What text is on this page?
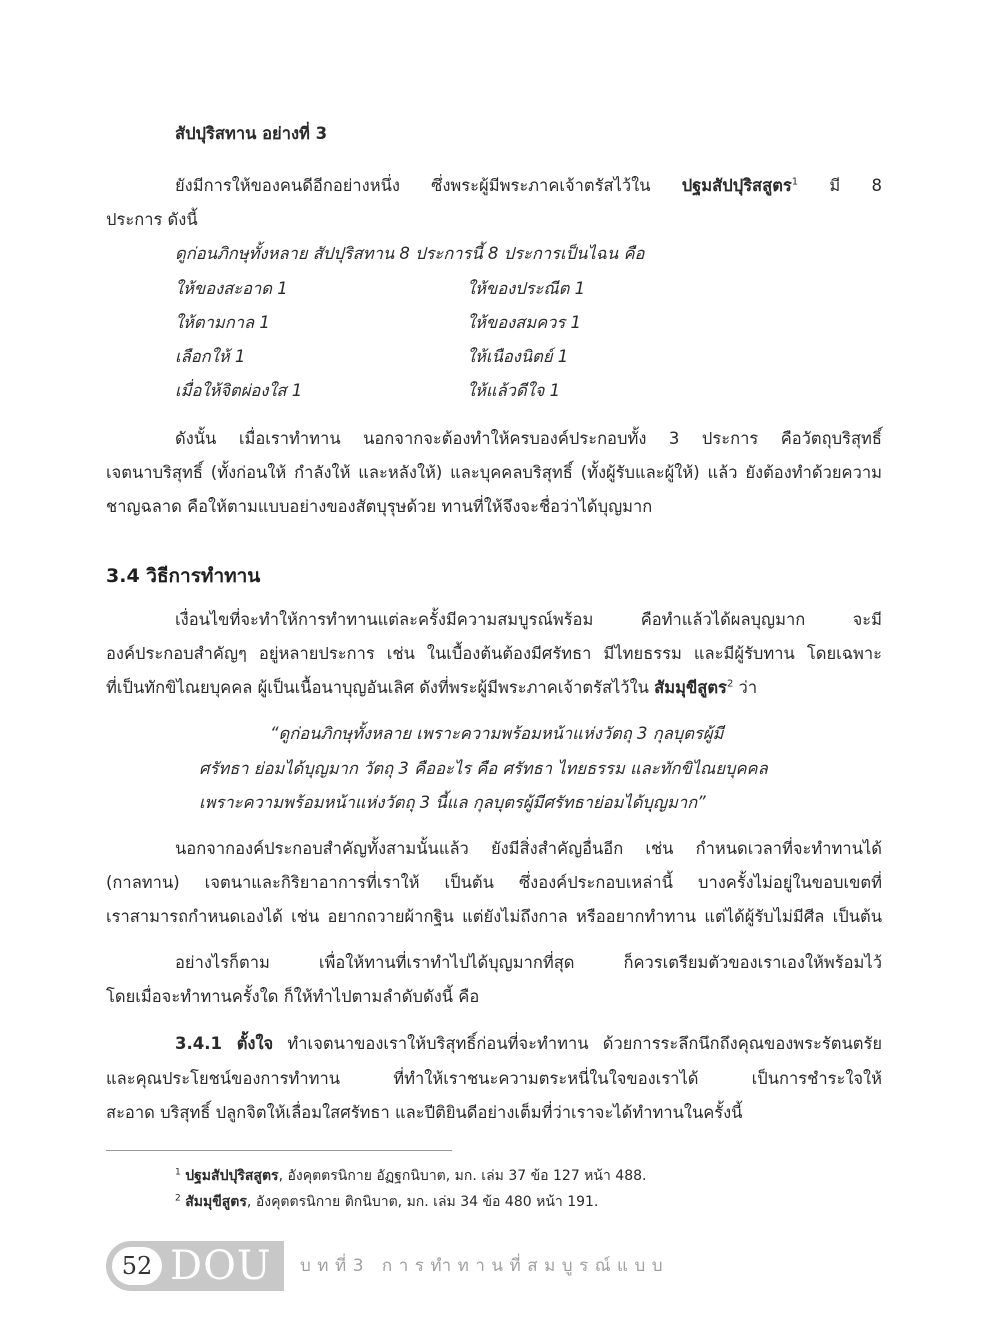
สัปปุริสทาน อย่างที่ 3
ยังมีการให้ของคนดีอีกอย่างหนึ่ง ซึ่งพระผู้มีพระภาคเจ้าตรัสไว้ใน ปฐมสัปปุริสสูตร$^1$ มี 8
ประการ ดังนี้
ดูก่อนภิกษุทั้งหลาย สัปปุริสทาน 8 ประการนี้ 8 ประการเป็นไฉน คือ
ให้ของสะอาด 1	ให้ของประณีต 1
ให้ตามกาล 1	ให้ของสมควร 1
เลือกให้ 1	ให้เนืองนิตย์ 1
เมื่อให้จิตผ่องใส 1	ให้แล้วดีใจ 1
ดังนั้น เมื่อเราทำทาน นอกจากจะต้องทำให้ครบองค์ประกอบทั้ง 3 ประการ คือวัตถุบริสุทธิ์
เจตนาบริสุทธิ์ (ทั้งก่อนให้ กำลังให้ และหลังให้) และบุคคลบริสุทธิ์ (ทั้งผู้รับและผู้ให้) แล้ว ยังต้องทำด้วยความ
ชาญฉลาด คือให้ตามแบบอย่างของสัตบุรุษด้วย ทานที่ให้จึงจะชื่อว่าได้บุญมาก
3.4 วิธีการทำทาน
เงื่อนไขที่จะทำให้การทำทานแต่ละครั้งมีความสมบูรณ์พร้อม คือทำแล้วได้ผลบุญมาก จะมี
องค์ประกอบสำคัญๆ อยู่หลายประการ เช่น ในเบื้องต้นต้องมีศรัทธา มีไทยธรรม และมีผู้รับทาน โดยเฉพาะ
ที่เป็นทักขิไณยบุคคล ผู้เป็นเนื้อนาบุญอันเลิศ ดังที่พระผู้มีพระภาคเจ้าตรัสไว้ใน สัมมุขีสูตร$^2$ ว่า
“ดูก่อนภิกษุทั้งหลาย เพราะความพร้อมหน้าแห่งวัตถุ 3 กุลบุตรผู้มี
ศรัทธา ย่อมได้บุญมาก วัตถุ 3 คืออะไร คือ ศรัทธา ไทยธรรม และทักขิไณยบุคคล
เพราะความพร้อมหน้าแห่งวัตถุ 3 นี้แล กุลบุตรผู้มีศรัทธาย่อมได้บุญมาก”
นอกจากองค์ประกอบสำคัญทั้งสามนั้นแล้ว ยังมีสิ่งสำคัญอื่นอีก เช่น กำหนดเวลาที่จะทำทานได้
(กาลทาน) เจตนาและกิริยาอาการที่เราให้ เป็นต้น ซึ่งองค์ประกอบเหล่านี้ บางครั้งไม่อยู่ในขอบเขตที่
เราสามารถกำหนดเองได้ เช่น อยากถวายผ้ากฐิน แต่ยังไม่ถึงกาล หรืออยากทำทาน แต่ได้ผู้รับไม่มีศีล เป็นต้น
อย่างไรก็ตาม เพื่อให้ทานที่เราทำไปได้บุญมากที่สุด ก็ควรเตรียมตัวของเราเองให้พร้อมไว้
โดยเมื่อจะทำทานครั้งใด ก็ให้ทำไปตามลำดับดังนี้ คือ
3.4.1 ตั้งใจ ทำเจตนาของเราให้บริสุทธิ์ก่อนที่จะทำทาน ด้วยการระลึกนึกถึงคุณของพระรัตนตรัย
และคุณประโยชน์ของการทำทาน ที่ทำให้เราชนะความตระหนี่ในใจของเราได้ เป็นการชำระใจให้
สะอาด บริสุทธิ์ ปลูกจิตให้เลื่อมใสศรัทธา และปีติยินดีอย่างเต็มที่ว่าเราจะได้ทำทานในครั้งนี้
$^1$ ปฐมสัปปุริสสูตร, อังคุตตรนิกาย อัฏฐกนิบาต, มก. เล่ม 37 ข้อ 127 หน้า 488.
$^2$ สัมมุขีสูตร, อังคุตตรนิกาย ติกนิบาต, มก. เล่ม 34 ข้อ 480 หน้า 191.
52 DOU บทที่3 การทำทานที่สมบูรณ์แบบ
